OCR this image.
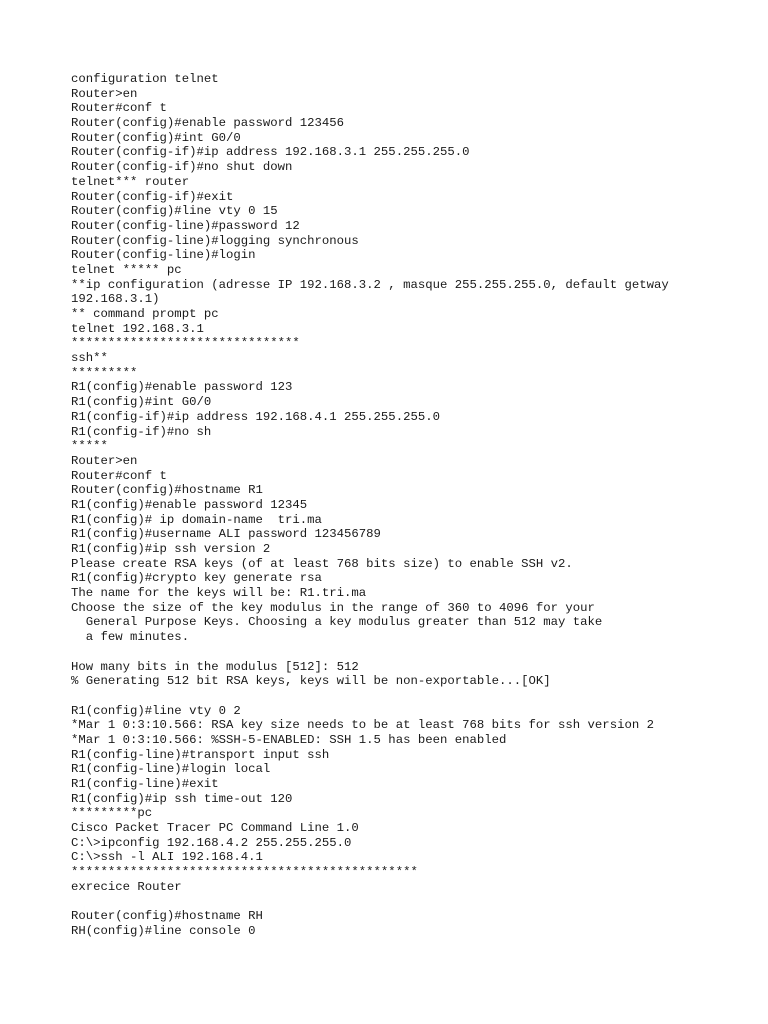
configuration telnet
Router>en
Router#conf t
Router(config)#enable password 123456
Router(config)#int G0/0
Router(config-if)#ip address 192.168.3.1 255.255.255.0
Router(config-if)#no shut down
telnet*** router
Router(config-if)#exit
Router(config)#line vty 0 15
Router(config-line)#password 12
Router(config-line)#logging synchronous
Router(config-line)#login
telnet ***** pc
**ip configuration (adresse IP 192.168.3.2 , masque 255.255.255.0, default getway
192.168.3.1)
** command prompt pc
telnet 192.168.3.1
*******************************
ssh**
*********
R1(config)#enable password 123
R1(config)#int G0/0
R1(config-if)#ip address 192.168.4.1 255.255.255.0
R1(config-if)#no sh
*****
Router>en
Router#conf t
Router(config)#hostname R1
R1(config)#enable password 12345
R1(config)# ip domain-name  tri.ma
R1(config)#username ALI password 123456789
R1(config)#ip ssh version 2
Please create RSA keys (of at least 768 bits size) to enable SSH v2.
R1(config)#crypto key generate rsa
The name for the keys will be: R1.tri.ma
Choose the size of the key modulus in the range of 360 to 4096 for your
General Purpose Keys. Choosing a key modulus greater than 512 may take
a few minutes.
How many bits in the modulus [512]: 512
% Generating 512 bit RSA keys, keys will be non-exportable...[OK]
R1(config)#line vty 0 2
*Mar 1 0:3:10.566: RSA key size needs to be at least 768 bits for ssh version 2
*Mar 1 0:3:10.566: %SSH-5-ENABLED: SSH 1.5 has been enabled
R1(config-line)#transport input ssh
R1(config-line)#login local
R1(config-line)#exit
R1(config)#ip ssh time-out 120
*********pc
Cisco Packet Tracer PC Command Line 1.0
C:\>ipconfig 192.168.4.2 255.255.255.0
C:\>ssh -l ALI 192.168.4.1
***********************************************
exrecice Router
Router(config)#hostname RH
RH(config)#line console 0
